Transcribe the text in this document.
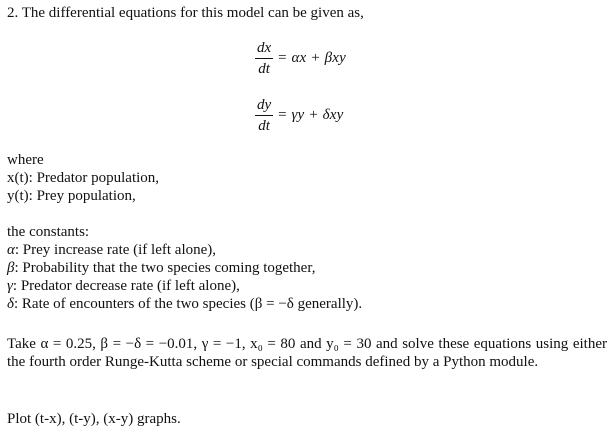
2. The differential equations for this model can be given as,
$\frac{dx}{dt} = \alpha x + \beta xy$
$\frac{dy}{dt} = \gamma y + \delta xy$
where
x(t): Predator population,
y(t): Prey population,
the constants:
α: Prey increase rate (if left alone),
β: Probability that the two species coming together,
γ: Predator decrease rate (if left alone),
δ: Rate of encounters of the two species (β = −δ generally).
Take α = 0.25, β = −δ = −0.01, γ = −1, x₀ = 80 and y₀ = 30 and solve these equations using either the fourth order Runge-Kutta scheme or special commands defined by a Python module.
Plot (t-x), (t-y), (x-y) graphs.
